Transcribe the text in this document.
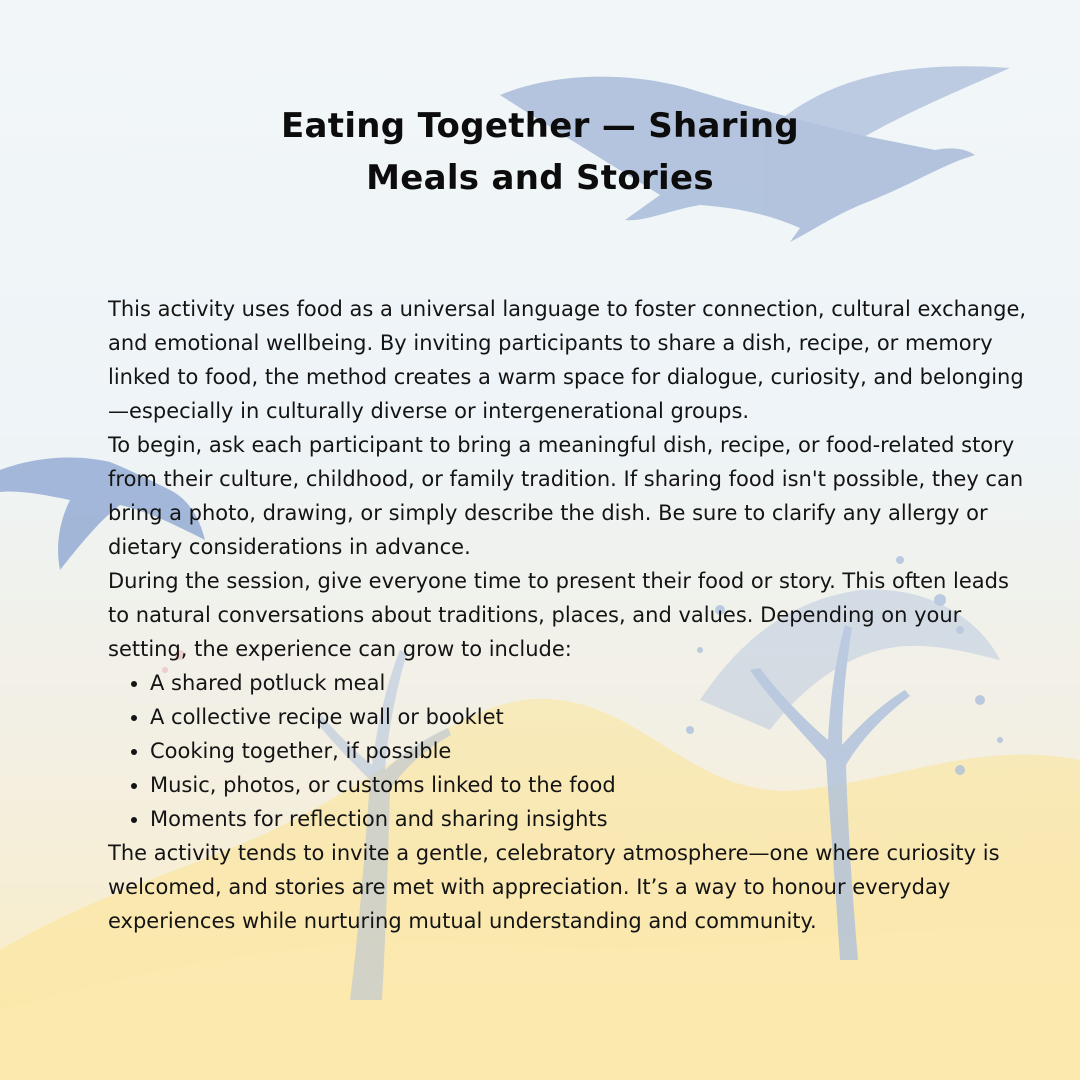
Eating Together — Sharing
Meals and Stories

This activity uses food as a universal language to foster connection, cultural exchange, and emotional wellbeing. By inviting participants to share a dish, recipe, or memory linked to food, the method creates a warm space for dialogue, curiosity, and belonging—especially in culturally diverse or intergenerational groups.

To begin, ask each participant to bring a meaningful dish, recipe, or food-related story from their culture, childhood, or family tradition. If sharing food isn't possible, they can bring a photo, drawing, or simply describe the dish. Be sure to clarify any allergy or dietary considerations in advance.

During the session, give everyone time to present their food or story. This often leads to natural conversations about traditions, places, and values. Depending on your setting, the experience can grow to include:

• A shared potluck meal
• A collective recipe wall or booklet
• Cooking together, if possible
• Music, photos, or customs linked to the food
• Moments for reflection and sharing insights

The activity tends to invite a gentle, celebratory atmosphere—one where curiosity is welcomed, and stories are met with appreciation. It’s a way to honour everyday experiences while nurturing mutual understanding and community.
